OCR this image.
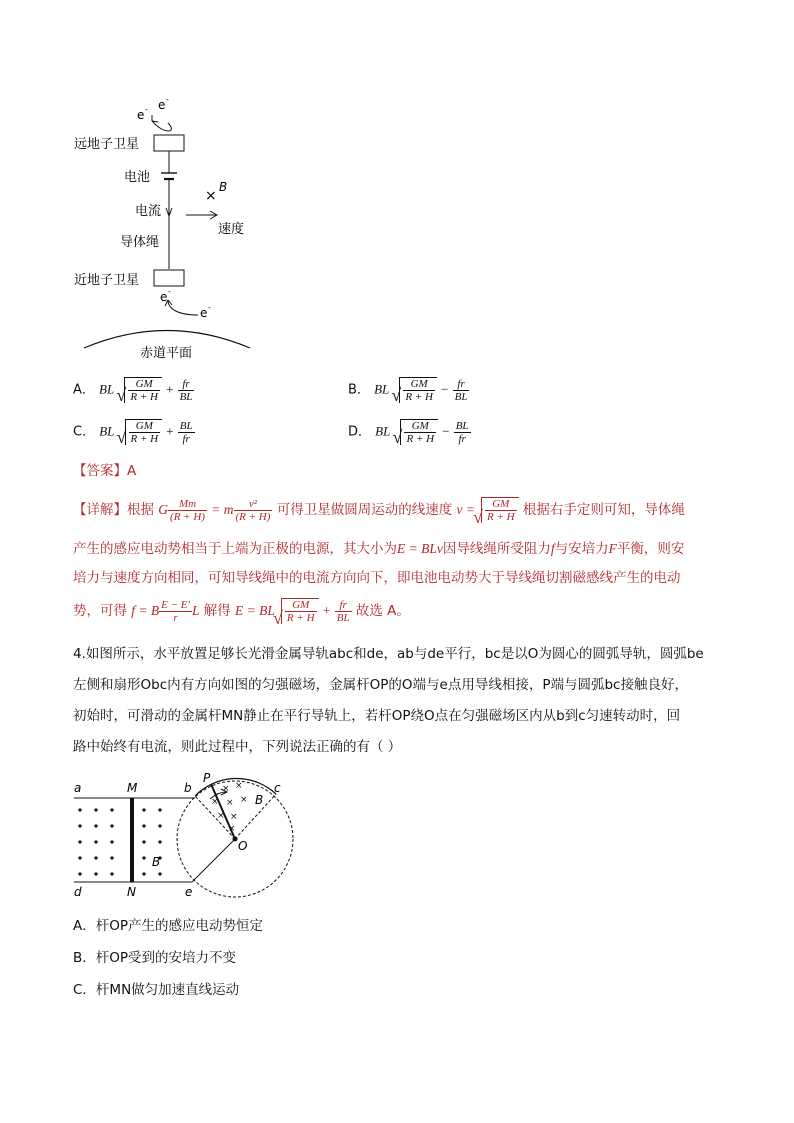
e - e -
远地子卫星
电池
电流
导体绳
×
B
速度
近地子卫星
e -
e -
赤道平面
A． BL √ $\frac{GM}{R + H} + \frac{fr}{BL}$	B． BL √ $\frac{GM}{R + H} - \frac{fr}{BL}$
C． BL √ $\frac{GM}{R + H} + \frac{BL}{fr}$	D． BL √ $\frac{GM}{R + H} - \frac{BL}{fr}$
【答案】A
【详解】根据 G $\frac{Mm}{(R + H)} = m \frac{\text{v²}}{(R + H)}$ 可得卫星做圆周运动的线速度 v = √ $\frac{GM}{R + H}$ 根据右手定则可知，导体绳
产生的感应电动势相当于上端为正极的电源，其大小为E = BLv因导线绳所受阻力f与安培力F平衡，则安
培力与速度方向相同，可知导线绳中的电流方向向下，即电池电动势大于导线绳切割磁感线产生的电动
势，可得 f = B $\frac{E - E'}{r}$ L 解得 E = BL √ $\frac{GM}{R + H} + \frac{fr}{BL}$ 故选 A。
4.如图所示，水平放置足够长光滑金属导轨abc和de，ab与de平行，bc是以O为圆心的圆弧导轨，圆弧be
左侧和扇形Obc内有方向如图的匀强磁场，金属杆OP的O端与e点用导线相接，P端与圆弧bc接触良好，
初始时，可滑动的金属杆MN静止在平行导轨上，若杆OP绕O点在匀强磁场区内从b到c匀速转动时，回
路中始终有电流，则此过程中，下列说法正确的有（ ）
a	M	b
d	N	e
B
× ×
× × ×
× ×
×
P
B
c
O
A．杆OP产生的感应电动势恒定
B．杆OP受到的安培力不变
C．杆MN做匀加速直线运动
